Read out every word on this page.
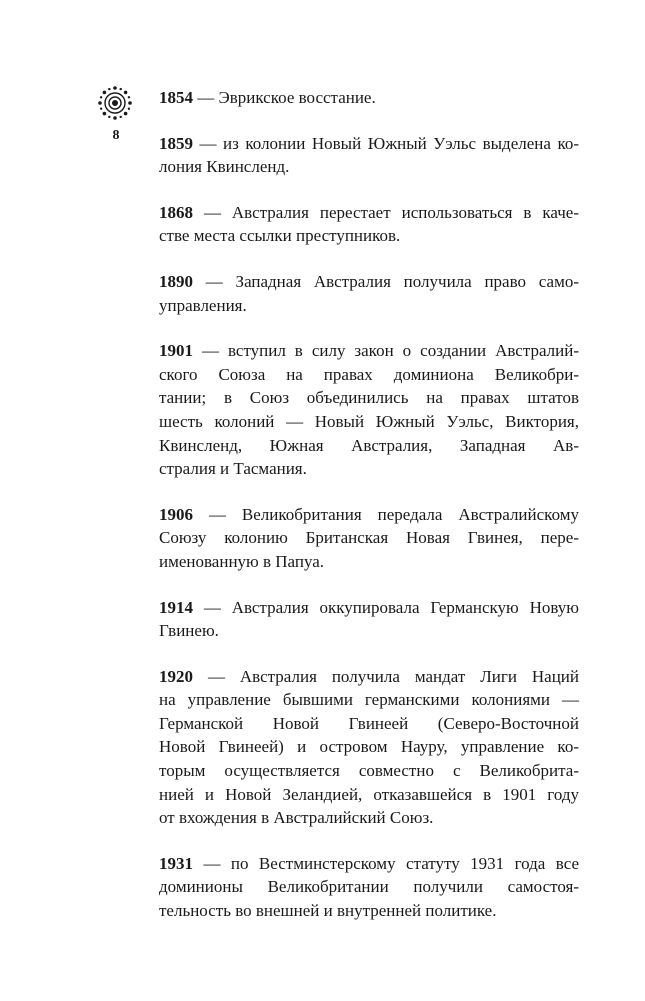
8
1854 — Эврикское восстание.
1859 — из колонии Новый Южный Уэльс выделена ко-
лония Квинсленд.
1868 — Австралия перестает использоваться в каче-
стве места ссылки преступников.
1890 — Западная Австралия получила право само-
управления.
1901 — вступил в силу закон о создании Австралий-
ского Союза на правах доминиона Великобри-
тании; в Союз объединились на правах штатов
шесть колоний — Новый Южный Уэльс, Виктория,
Квинсленд, Южная Австралия, Западная Ав-
стралия и Тасмания.
1906 — Великобритания передала Австралийскому
Союзу колонию Британская Новая Гвинея, пере-
именованную в Папуа.
1914 — Австралия оккупировала Германскую Новую
Гвинею.
1920 — Австралия получила мандат Лиги Наций
на управление бывшими германскими колониями —
Германской Новой Гвинеей (Северо-Восточной
Новой Гвинеей) и островом Науру, управление ко-
торым осуществляется совместно с Великобрита-
нией и Новой Зеландией, отказавшейся в 1901 году
от вхождения в Австралийский Союз.
1931 — по Вестминстерскому статуту 1931 года все
доминионы Великобритании получили самостоя-
тельность во внешней и внутренней политике.
